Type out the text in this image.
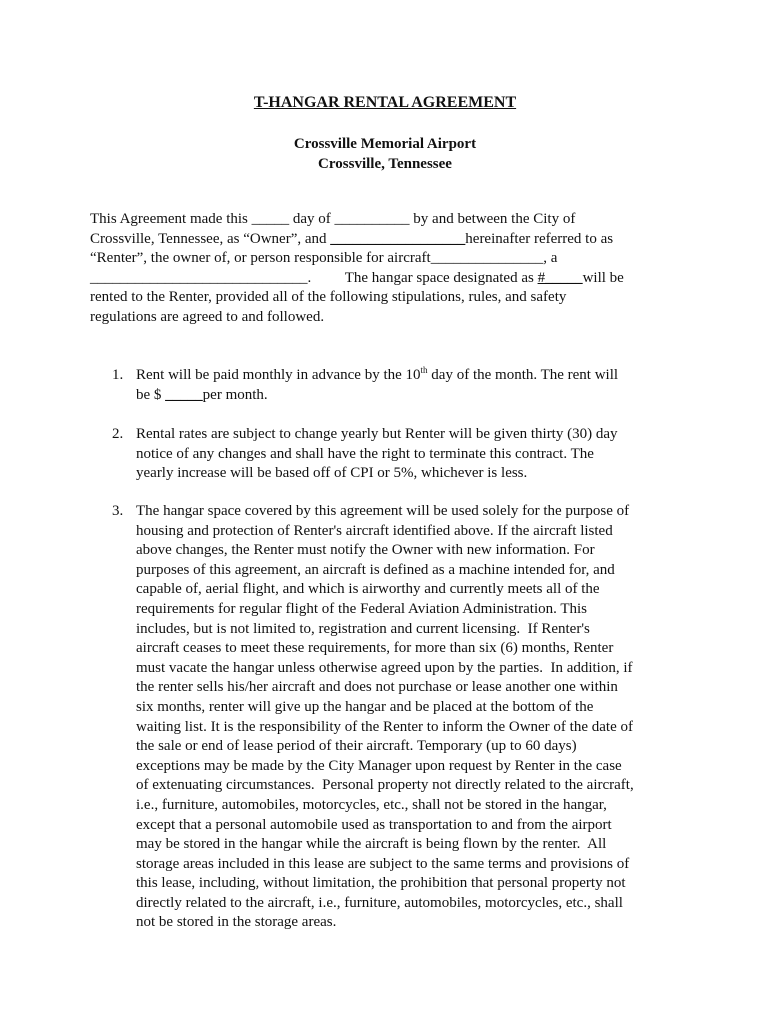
T-HANGAR RENTAL AGREEMENT
Crossville Memorial Airport
Crossville, Tennessee
This Agreement made this _____ day of __________ by and between the City of
Crossville, Tennessee, as “Owner”, and __________________hereinafter referred to as
“Renter”, the owner of, or person responsible for aircraft_______________, a
_____________________________.         The hangar space designated as #_____will be
rented to the Renter, provided all of the following stipulations, rules, and safety
regulations are agreed to and followed.
1. Rent will be paid monthly in advance by the 10th day of the month. The rent will
be $ _____per month.
2. Rental rates are subject to change yearly but Renter will be given thirty (30) day
notice of any changes and shall have the right to terminate this contract. The
yearly increase will be based off of CPI or 5%, whichever is less.
3. The hangar space covered by this agreement will be used solely for the purpose of
housing and protection of Renter's aircraft identified above. If the aircraft listed
above changes, the Renter must notify the Owner with new information. For
purposes of this agreement, an aircraft is defined as a machine intended for, and
capable of, aerial flight, and which is airworthy and currently meets all of the
requirements for regular flight of the Federal Aviation Administration. This
includes, but is not limited to, registration and current licensing.  If Renter's
aircraft ceases to meet these requirements, for more than six (6) months, Renter
must vacate the hangar unless otherwise agreed upon by the parties.  In addition, if
the renter sells his/her aircraft and does not purchase or lease another one within
six months, renter will give up the hangar and be placed at the bottom of the
waiting list. It is the responsibility of the Renter to inform the Owner of the date of
the sale or end of lease period of their aircraft. Temporary (up to 60 days)
exceptions may be made by the City Manager upon request by Renter in the case
of extenuating circumstances.  Personal property not directly related to the aircraft,
i.e., furniture, automobiles, motorcycles, etc., shall not be stored in the hangar,
except that a personal automobile used as transportation to and from the airport
may be stored in the hangar while the aircraft is being flown by the renter.  All
storage areas included in this lease are subject to the same terms and provisions of
this lease, including, without limitation, the prohibition that personal property not
directly related to the aircraft, i.e., furniture, automobiles, motorcycles, etc., shall
not be stored in the storage areas.
